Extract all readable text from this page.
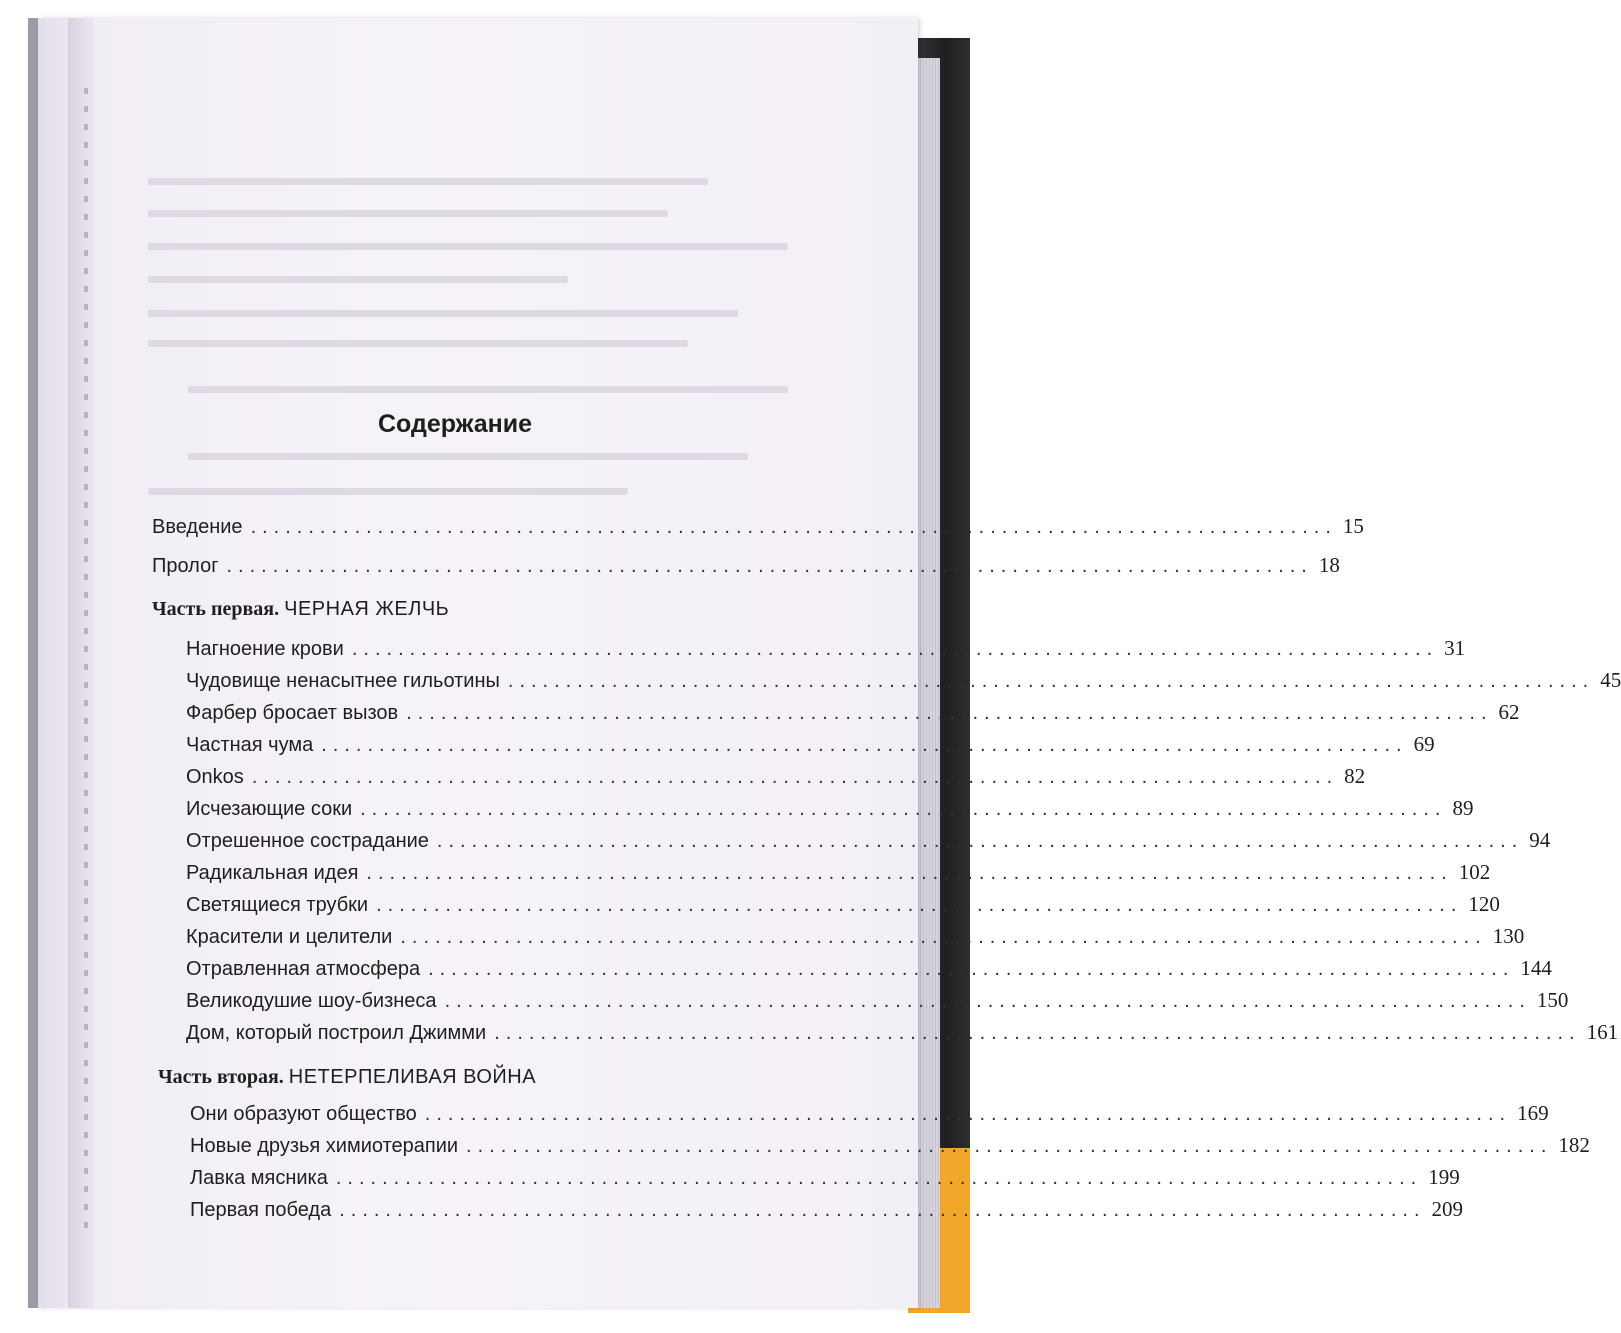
Содержание
Введение .............................................................................................. 15
Пролог .............................................................................................. 18
Часть первая. ЧЕРНАЯ ЖЕЛЧЬ
Нагноение крови .............................................................................................. 31
Чудовище ненасытнее гильотины .............................................................................................. 45
Фарбер бросает вызов .............................................................................................. 62
Частная чума .............................................................................................. 69
Onkos .............................................................................................. 82
Исчезающие соки .............................................................................................. 89
Отрешенное сострадание .............................................................................................. 94
Радикальная идея .............................................................................................. 102
Светящиеся трубки .............................................................................................. 120
Красители и целители .............................................................................................. 130
Отравленная атмосфера .............................................................................................. 144
Великодушие шоу-бизнеса .............................................................................................. 150
Дом, который построил Джимми .............................................................................................. 161
Часть вторая. НЕТЕРПЕЛИВАЯ ВОЙНА
Они образуют общество .............................................................................................. 169
Новые друзья химиотерапии .............................................................................................. 182
Лавка мясника .............................................................................................. 199
Первая победа .............................................................................................. 209
